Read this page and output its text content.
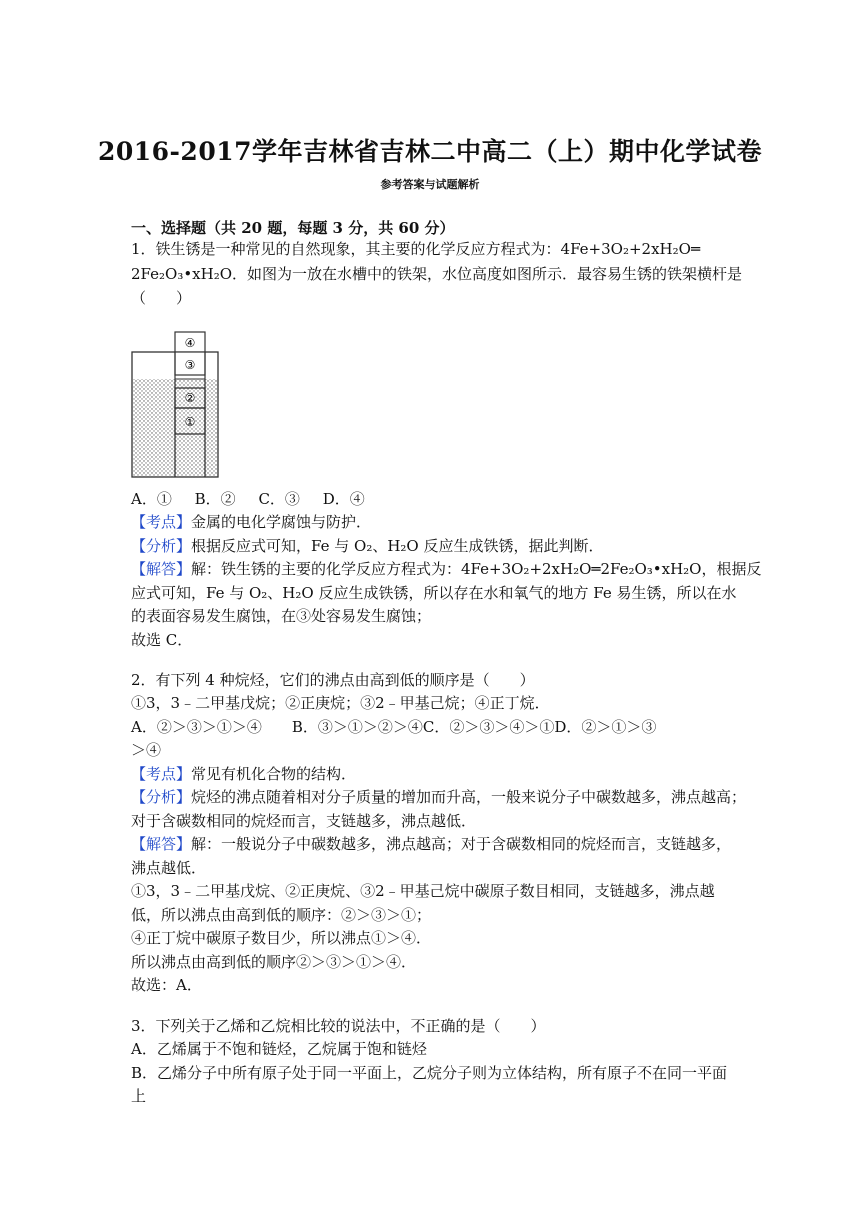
2016-2017学年吉林省吉林二中高二（上）期中化学试卷
参考答案与试题解析
一、选择题（共 20 题，每题 3 分，共 60 分）
1．铁生锈是一种常见的自然现象，其主要的化学反应方程式为：4Fe+3O₂+2xH₂O═
2Fe₂O₃•xH₂O．如图为一放在水槽中的铁架，水位高度如图所示．最容易生锈的铁架横杆是
（　　）
④
③
②
①
A．① B．② C．③ D．④
【考点】金属的电化学腐蚀与防护．
【分析】根据反应式可知，Fe 与 O₂、H₂O 反应生成铁锈，据此判断．
【解答】解：铁生锈的主要的化学反应方程式为：4Fe+3O₂+2xH₂O═2Fe₂O₃•xH₂O，根据反
应式可知，Fe 与 O₂、H₂O 反应生成铁锈，所以存在水和氧气的地方 Fe 易生锈，所以在水
的表面容易发生腐蚀，在③处容易发生腐蚀；
故选 C．
2．有下列 4 种烷烃，它们的沸点由高到低的顺序是（　　）
①3，3﹣二甲基戊烷；②正庚烷；③2﹣甲基己烷；④正丁烷．
A．②＞③＞①＞④　　B．③＞①＞②＞④C．②＞③＞④＞①D．②＞①＞③
＞④
【考点】常见有机化合物的结构．
【分析】烷烃的沸点随着相对分子质量的增加而升高，一般来说分子中碳数越多，沸点越高；
对于含碳数相同的烷烃而言，支链越多，沸点越低．
【解答】解：一般说分子中碳数越多，沸点越高；对于含碳数相同的烷烃而言，支链越多，
沸点越低．
①3，3﹣二甲基戊烷、②正庚烷、③2﹣甲基己烷中碳原子数目相同，支链越多，沸点越
低，所以沸点由高到低的顺序：②＞③＞①；
④正丁烷中碳原子数目少，所以沸点①＞④．
所以沸点由高到低的顺序②＞③＞①＞④．
故选：A．
3．下列关于乙烯和乙烷相比较的说法中，不正确的是（　　）
A．乙烯属于不饱和链烃，乙烷属于饱和链烃
B．乙烯分子中所有原子处于同一平面上，乙烷分子则为立体结构，所有原子不在同一平面
上
